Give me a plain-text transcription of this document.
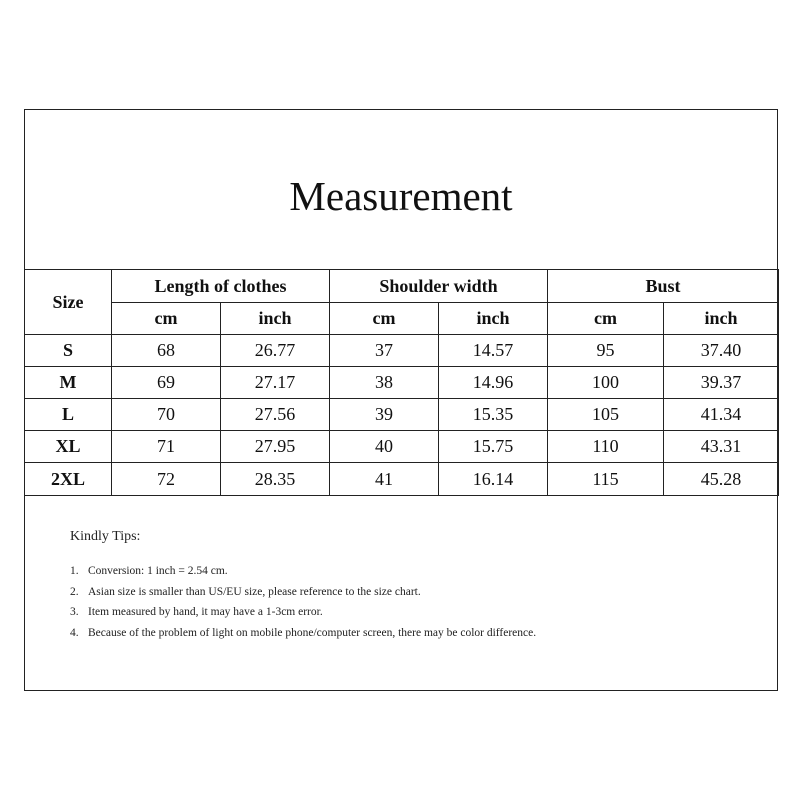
Measurement
Size	Length of clothes		Shoulder width		Bust	
	cm	inch	cm	inch	cm	inch
S	68	26.77	37	14.57	95	37.40
M	69	27.17	38	14.96	100	39.37
L	70	27.56	39	15.35	105	41.34
XL	71	27.95	40	15.75	110	43.31
2XL	72	28.35	41	16.14	115	45.28
Kindly Tips:
1. Conversion: 1 inch = 2.54 cm.
2. Asian size is smaller than US/EU size, please reference to the size chart.
3. Item measured by hand, it may have a 1-3cm error.
4. Because of the problem of light on mobile phone/computer screen, there may be color difference.
